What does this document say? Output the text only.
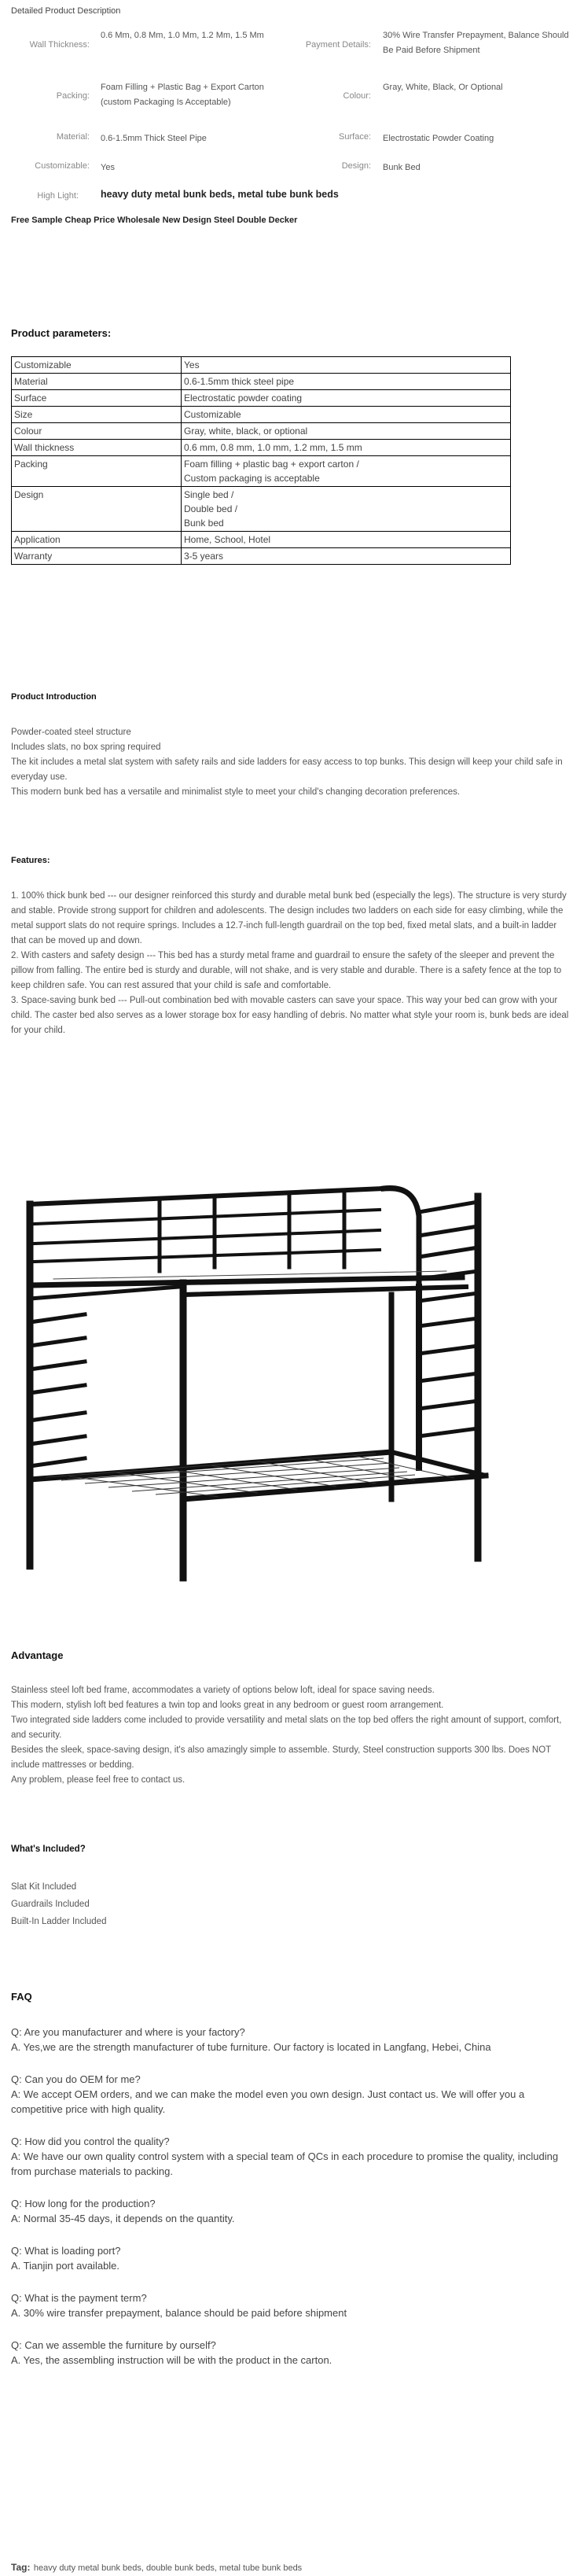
Detailed Product Description
Wall Thickness:
0.6 Mm, 0.8 Mm, 1.0 Mm, 1.2 Mm, 1.5 Mm
Payment Details:
30% Wire Transfer Prepayment, Balance Should Be Paid Before Shipment
Packing:
Foam Filling + Plastic Bag + Export Carton (custom Packaging Is Acceptable)
Colour:
Gray, White, Black, Or Optional
Material: 0.6-1.5mm Thick Steel Pipe	Surface: Electrostatic Powder Coating
Customizable: Yes	Design: Bunk Bed
High Light: heavy duty metal bunk beds, metal tube bunk beds
Free Sample Cheap Price Wholesale New Design Steel Double Decker
Product parameters:
Customizable	Yes

Material	0.6-1.5mm thick steel pipe

Surface	Electrostatic powder coating

Size	Customizable

Colour	Gray, white, black, or optional

Wall thickness	0.6 mm, 0.8 mm, 1.0 mm, 1.2 mm, 1.5 mm

Packing	Foam filling + plastic bag + export carton /
Custom packaging is acceptable

Design	Single bed /
Double bed /
Bunk bed

Application	Home, School, Hotel

Warranty	3-5 years
Product Introduction
Powder-coated steel structure
Includes slats, no box spring required
The kit includes a metal slat system with safety rails and side ladders for easy access to top bunks. This design will keep your child safe in everyday use.
This modern bunk bed has a versatile and minimalist style to meet your child's changing decoration preferences.
Features:
1. 100% thick bunk bed --- our designer reinforced this sturdy and durable metal bunk bed (especially the legs). The structure is very sturdy and stable. Provide strong support for children and adolescents. The design includes two ladders on each side for easy climbing, while the metal support slats do not require springs. Includes a 12.7-inch full-length guardrail on the top bed, fixed metal slats, and a built-in ladder that can be moved up and down.
2. With casters and safety design --- This bed has a sturdy metal frame and guardrail to ensure the safety of the sleeper and prevent the pillow from falling. The entire bed is sturdy and durable, will not shake, and is very stable and durable. There is a safety fence at the top to keep children safe. You can rest assured that your child is safe and comfortable.
3. Space-saving bunk bed --- Pull-out combination bed with movable casters can save your space. This way your bed can grow with your child. The caster bed also serves as a lower storage box for easy handling of debris. No matter what style your room is, bunk beds are ideal for your child.
Advantage
Stainless steel loft bed frame, accommodates a variety of options below loft, ideal for space saving needs.
This modern, stylish loft bed features a twin top and looks great in any bedroom or guest room arrangement.
Two integrated side ladders come included to provide versatility and metal slats on the top bed offers the right amount of support, comfort, and security.
Besides the sleek, space-saving design, it's also amazingly simple to assemble. Sturdy, Steel construction supports 300 lbs. Does NOT include mattresses or bedding.
Any problem, please feel free to contact us.
What's Included?
Slat Kit Included
Guardrails Included
Built-In Ladder Included
FAQ
Q: Are you manufacturer and where is your factory?
A. Yes,we are the strength manufacturer of tube furniture. Our factory is located in Langfang, Hebei, China
Q: Can you do OEM for me?
A: We accept OEM orders, and we can make the model even you own design. Just contact us. We will offer you a competitive price with high quality.
Q: How did you control the quality?
A: We have our own quality control system with a special team of QCs in each procedure to promise the quality, including from purchase materials to packing.
Q: How long for the production?
A: Normal 35-45 days, it depends on the quantity.
Q: What is loading port?
A. Tianjin port available.
Q: What is the payment term?
A. 30% wire transfer prepayment, balance should be paid before shipment
Q: Can we assemble the furniture by ourself?
A. Yes, the assembling instruction will be with the product in the carton.
Tag: heavy duty metal bunk beds, double bunk beds, metal tube bunk beds
